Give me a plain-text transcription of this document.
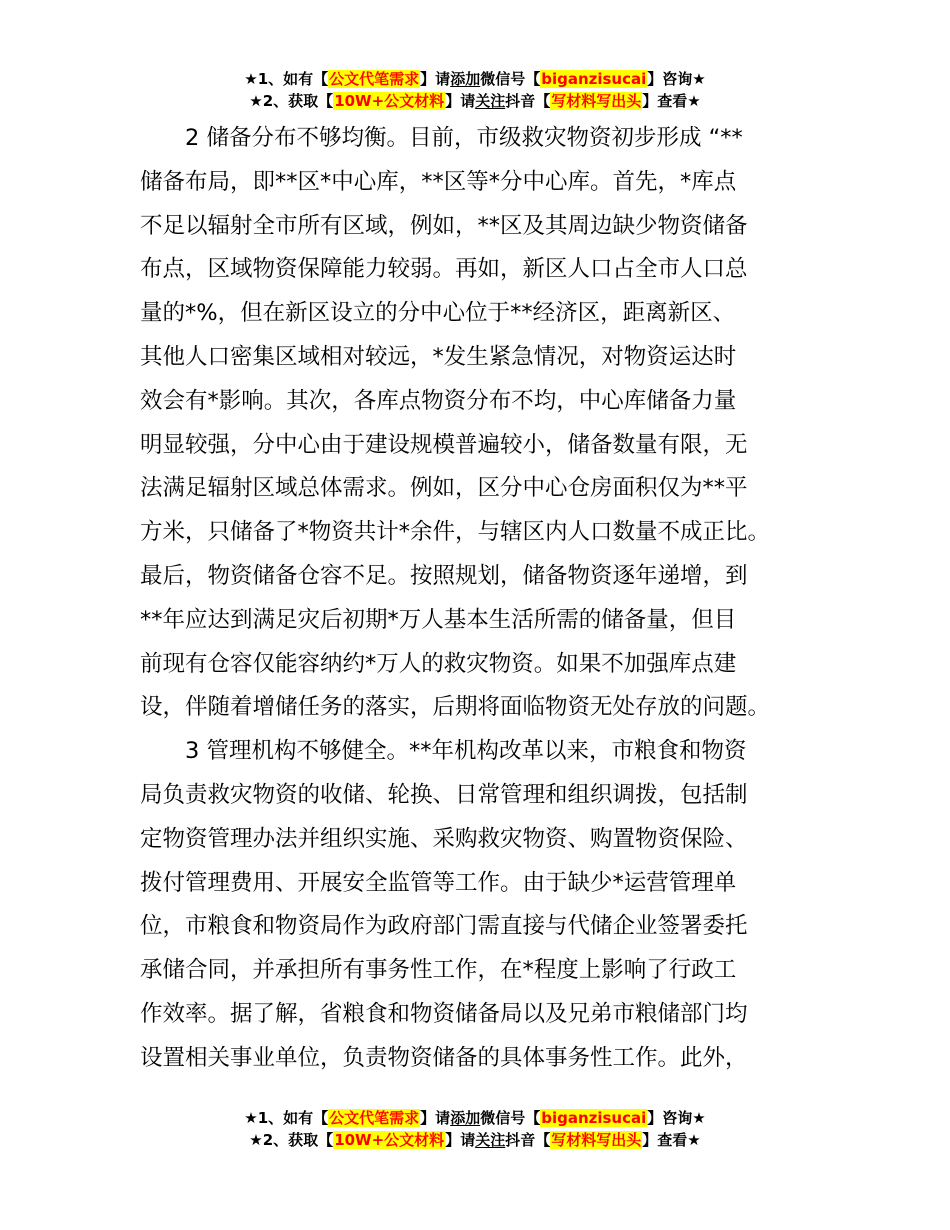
★1、如有【公文代笔需求】请添加微信号【biganzisucai】咨询★
★2、获取【10W+公文材料】请关注抖音【写材料写出头】查看★
2 储备分布不够均衡。目前，市级救灾物资初步形成 “**
储备布局，即**区*中心库，**区等*分中心库。首先，*库点
不足以辐射全市所有区域，例如，**区及其周边缺少物资储备
布点，区域物资保障能力较弱。再如，新区人口占全市人口总
量的*%，但在新区设立的分中心位于**经济区，距离新区、
其他人口密集区域相对较远，*发生紧急情况，对物资运达时
效会有*影响。其次，各库点物资分布不均，中心库储备力量
明显较强，分中心由于建设规模普遍较小，储备数量有限，无
法满足辐射区域总体需求。例如，区分中心仓房面积仅为**平
方米，只储备了*物资共计*余件，与辖区内人口数量不成正比。
最后，物资储备仓容不足。按照规划，储备物资逐年递增，到
**年应达到满足灾后初期*万人基本生活所需的储备量，但目
前现有仓容仅能容纳约*万人的救灾物资。如果不加强库点建
设，伴随着增储任务的落实，后期将面临物资无处存放的问题。
3 管理机构不够健全。**年机构改革以来，市粮食和物资
局负责救灾物资的收储、轮换、日常管理和组织调拨，包括制
定物资管理办法并组织实施、采购救灾物资、购置物资保险、
拨付管理费用、开展安全监管等工作。由于缺少*运营管理单
位，市粮食和物资局作为政府部门需直接与代储企业签署委托
承储合同，并承担所有事务性工作，在*程度上影响了行政工
作效率。据了解，省粮食和物资储备局以及兄弟市粮储部门均
设置相关事业单位，负责物资储备的具体事务性工作。此外，
★1、如有【公文代笔需求】请添加微信号【biganzisucai】咨询★
★2、获取【10W+公文材料】请关注抖音【写材料写出头】查看★
